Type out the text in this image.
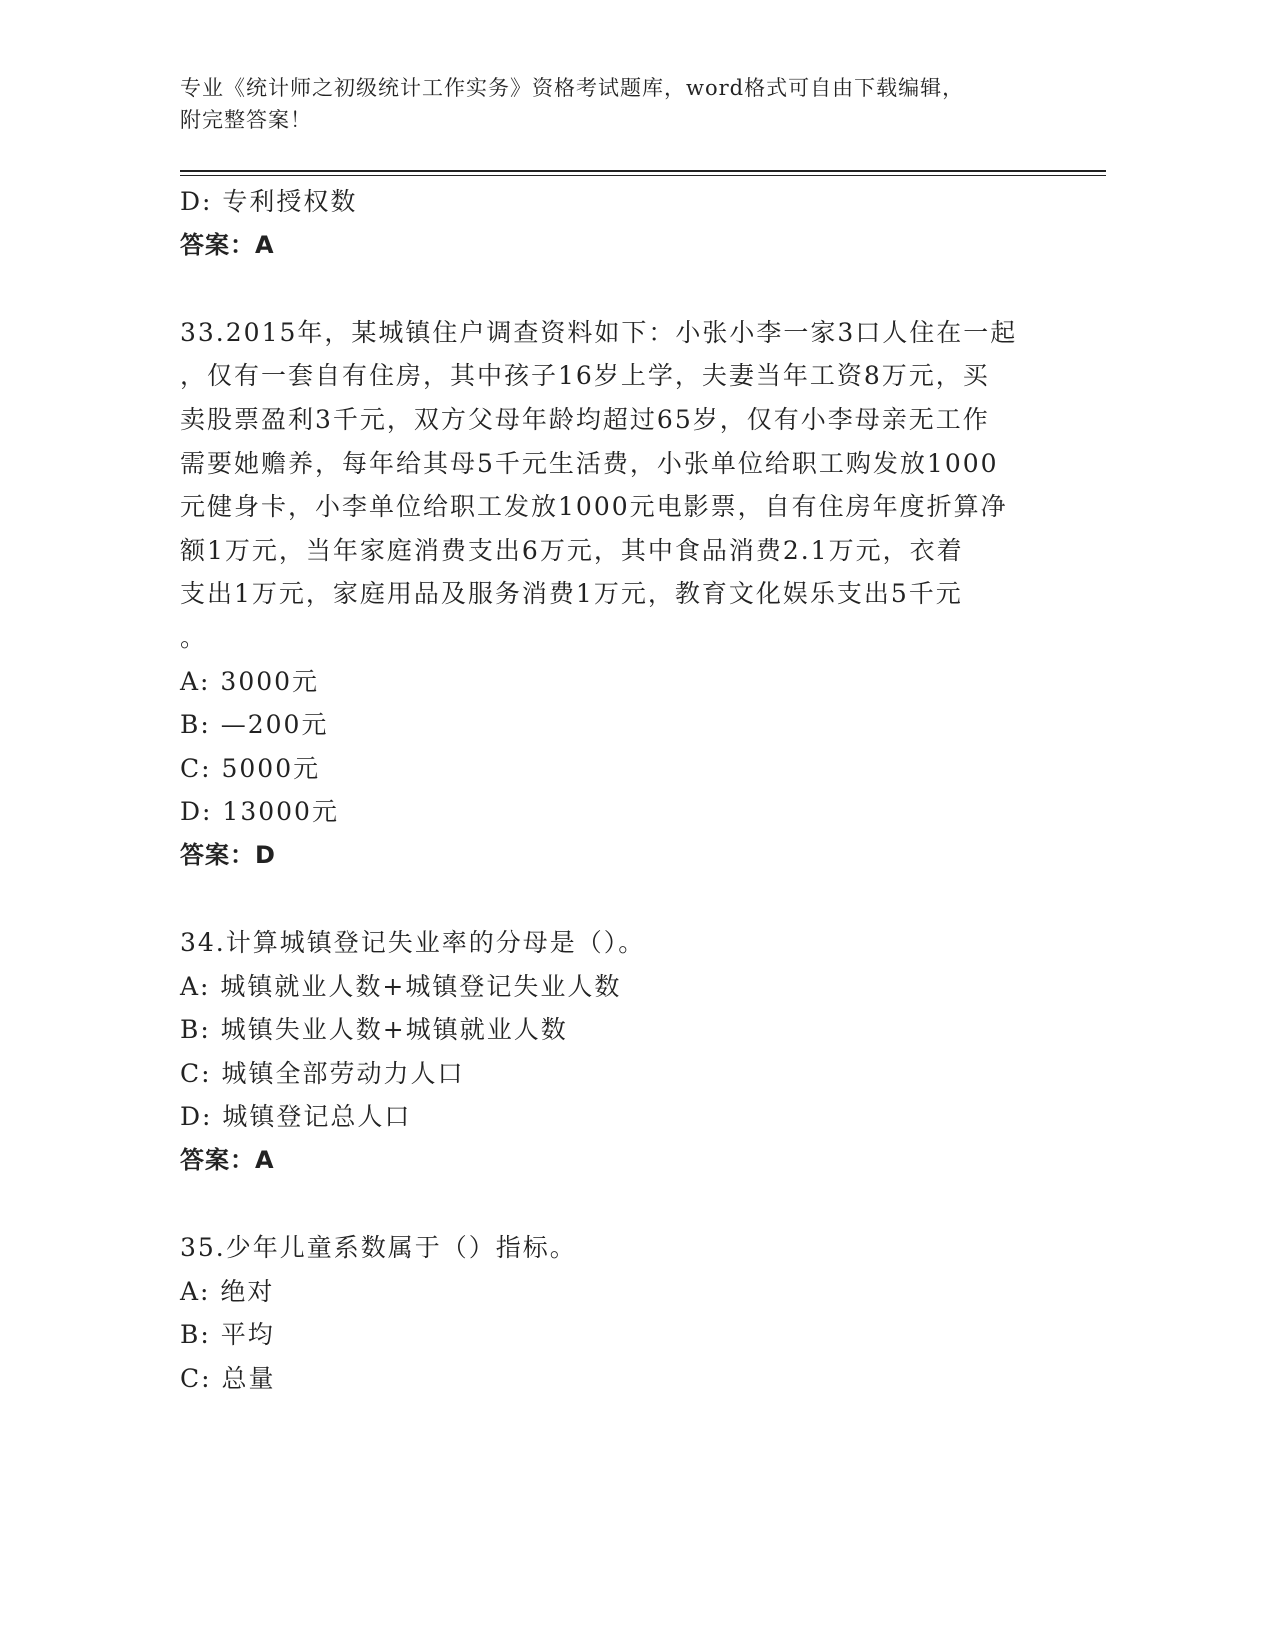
专业《统计师之初级统计工作实务》资格考试题库，word格式可自由下载编辑，
附完整答案！
D: 专利授权数
答案：A
33.2015年，某城镇住户调查资料如下：小张小李一家3口人住在一起
，仅有一套自有住房，其中孩子16岁上学，夫妻当年工资8万元，买
卖股票盈利3千元，双方父母年龄均超过65岁，仅有小李母亲无工作
需要她赡养，每年给其母5千元生活费，小张单位给职工购发放1000
元健身卡，小李单位给职工发放1000元电影票，自有住房年度折算净
额1万元，当年家庭消费支出6万元，其中食品消费2.1万元，衣着
支出1万元，家庭用品及服务消费1万元，教育文化娱乐支出5千元
。
A: 3000元
B: —200元
C: 5000元
D: 13000元
答案：D
34.计算城镇登记失业率的分母是（）。
A: 城镇就业人数+城镇登记失业人数
B: 城镇失业人数+城镇就业人数
C: 城镇全部劳动力人口
D: 城镇登记总人口
答案：A
35.少年儿童系数属于（）指标。
A: 绝对
B: 平均
C: 总量
